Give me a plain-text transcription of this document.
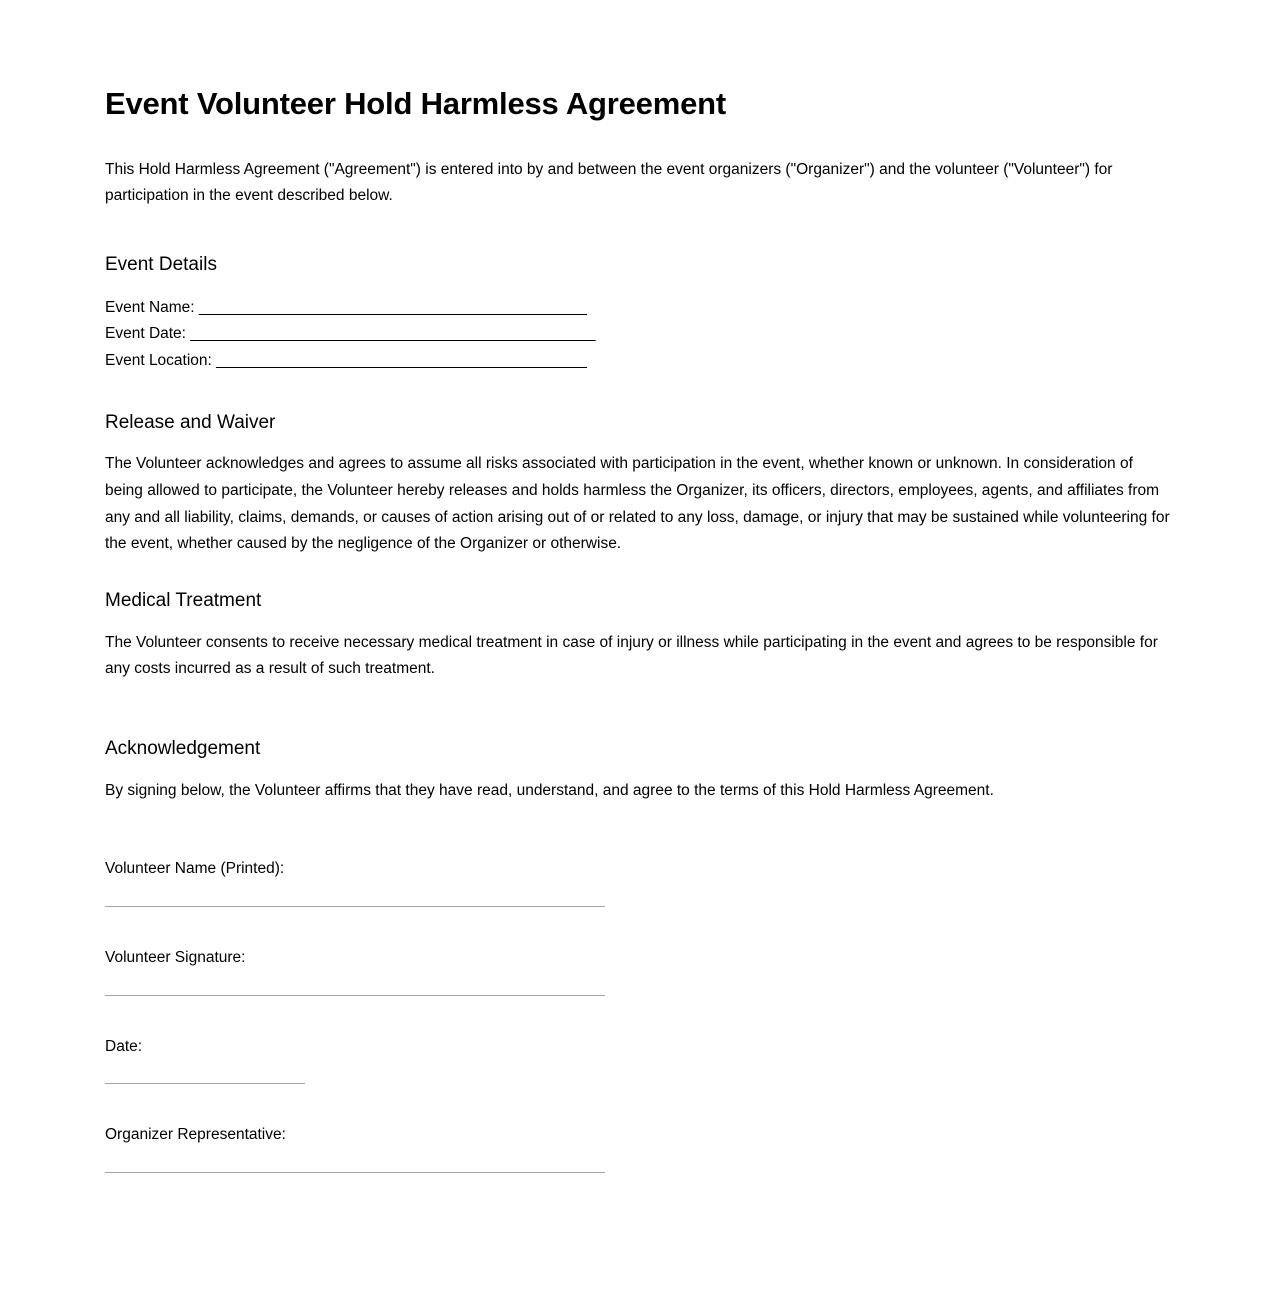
Event Volunteer Hold Harmless Agreement

This Hold Harmless Agreement ("Agreement") is entered into by and between the event organizers ("Organizer") and the volunteer ("Volunteer") for participation in the event described below.

Event Details
Event Name: _____________________________________________
Event Date: _______________________________________________
Event Location: ___________________________________________
Release and Waiver

The Volunteer acknowledges and agrees to assume all risks associated with participation in the event, whether known or unknown. In consideration of being allowed to participate, the Volunteer hereby releases and holds harmless the Organizer, its officers, directors, employees, agents, and affiliates from any and all liability, claims, demands, or causes of action arising out of or related to any loss, damage, or injury that may be sustained while volunteering for the event, whether caused by the negligence of the Organizer or otherwise.

Medical Treatment

The Volunteer consents to receive necessary medical treatment in case of injury or illness while participating in the event and agrees to be responsible for any costs incurred as a result of such treatment.

Acknowledgement

By signing below, the Volunteer affirms that they have read, understand, and agree to the terms of this Hold Harmless Agreement.

Volunteer Name (Printed):
Volunteer Signature:
Date:
Organizer Representative:
